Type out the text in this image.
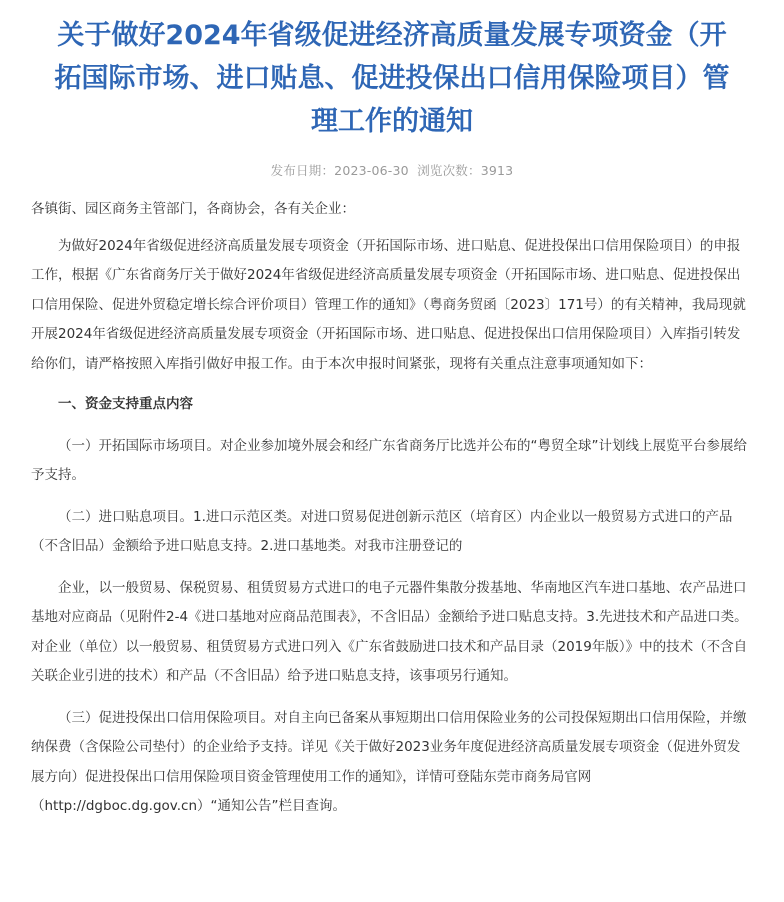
关于做好2024年省级促进经济高质量发展专项资金（开
拓国际市场、进口贴息、促进投保出口信用保险项目）管
理工作的通知
发布日期：2023-06-30 浏览次数：3913

各镇街、园区商务主管部门，各商协会，各有关企业：

为做好2024年省级促进经济高质量发展专项资金（开拓国际市场、进口贴息、促进投保出口信用保险项目）的申报工作，根据《广东省商务厅关于做好2024年省级促进经济高质量发展专项资金（开拓国际市场、进口贴息、促进投保出口信用保险、促进外贸稳定增长综合评价项目）管理工作的通知》（粤商务贸函〔2023〕171号）的有关精神，我局现就开展2024年省级促进经济高质量发展专项资金（开拓国际市场、进口贴息、促进投保出口信用保险项目）入库指引转发给你们，请严格按照入库指引做好申报工作。由于本次申报时间紧张，现将有关重点注意事项通知如下：

一、资金支持重点内容

（一）开拓国际市场项目。对企业参加境外展会和经广东省商务厅比选并公布的“粤贸全球”计划线上展览平台参展给予支持。

（二）进口贴息项目。1.进口示范区类。对进口贸易促进创新示范区（培育区）内企业以一般贸易方式进口的产品（不含旧品）金额给予进口贴息支持。2.进口基地类。对我市注册登记的

企业，以一般贸易、保税贸易、租赁贸易方式进口的电子元器件集散分拨基地、华南地区汽车进口基地、农产品进口基地对应商品（见附件2-4《进口基地对应商品范围表》，不含旧品）金额给予进口贴息支持。3.先进技术和产品进口类。对企业（单位）以一般贸易、租赁贸易方式进口列入《广东省鼓励进口技术和产品目录（2019年版）》中的技术（不含自关联企业引进的技术）和产品（不含旧品）给予进口贴息支持，该事项另行通知。

（三）促进投保出口信用保险项目。对自主向已备案从事短期出口信用保险业务的公司投保短期出口信用保险，并缴纳保费（含保险公司垫付）的企业给予支持。详见《关于做好2023业务年度促进经济高质量发展专项资金（促进外贸发展方向）促进投保出口信用保险项目资金管理使用工作的通知》，详情可登陆东莞市商务局官网（http://dgboc.dg.gov.cn）“通知公告”栏目查询。
